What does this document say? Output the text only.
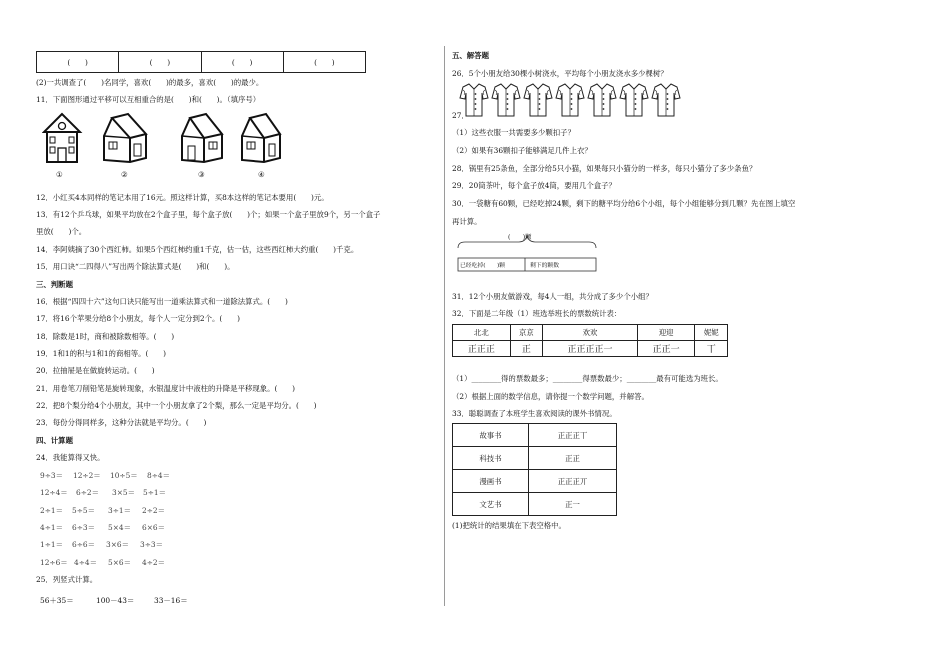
(　　)	(　　)	(　　)	(　　)
(2)一共调查了(　　)名同学，喜欢(　　)的最多，喜欢(　　)的最少。
11．下面图形通过平移可以互相重合的是(　　)和(　　)。（填序号）
①	②	③	④
12．小红买4本同样的笔记本用了16元。照这样计算，买8本这样的笔记本要用(　　)元。
13．有12个乒乓球，如果平均放在2个盒子里，每个盒子放(　　)个；如果一个盒子里放9个，另一个盒子
里放(　　)个。
14．李阿姨摘了30个西红柿。如果5个西红柿约重1千克，估一估，这些西红柿大约重(　　)千克。
15．用口诀“二四得八”写出两个除法算式是(　　)和(　　)。
三、判断题
16．根据“四四十六”这句口诀只能写出一道乘法算式和一道除法算式。(　　)
17．将16个苹果分给8个小朋友，每个人一定分到2个。(　　)
18．除数是1时，商和被除数相等。(　　)
19．1和1的积与1和1的商相等。(　　)
20．拉抽屉是在做旋转运动。(　　)
21．用卷笔刀削铅笔是旋转现象，水银温度计中液柱的升降是平移现象。(　　)
22．把8个梨分给4个小朋友，其中一个小朋友拿了2个梨，那么一定是平均分。(　　)
23．每份分得同样多，这种分法就是平均分。(　　)
四、计算题
24．我能算得又快。
9÷3＝ 12÷2＝ 10÷5＝ 8÷4＝
12÷4＝ 6÷2＝ 3×5＝ 5÷1＝
2÷1＝ 5÷5＝ 3÷1＝ 2÷2＝
4÷1＝ 6÷3＝ 5×4＝ 6×6＝
1÷1＝ 6÷6＝ 3×6＝ 3÷3＝
12÷6＝ 4÷4＝ 5×6＝ 4÷2＝
25．列竖式计算。
56＋35＝	100－43＝	33－16＝
五、解答题
26．5个小朋友给30棵小树浇水，平均每个小朋友浇水多少棵树？
27．
（1）这些衣服一共需要多少颗扣子？
（2）如果有36颗扣子能够满足几件上衣？
28．锅里有25条鱼，全部分给5只小猫，如果每只小猫分的一样多，每只小猫分了多少条鱼？
29．20筒茶叶，每个盒子放4筒，要用几个盒子？
30．一袋糖有60颗，已经吃掉24颗，剩下的糖平均分给6个小组，每个小组能够分到几颗？先在图上填空
再计算。
(　　)颗
已经吃掉(　　)颗	剩下的颗数
31．12个小朋友做游戏，每4人一组，共分成了多少个小组？
32．下面是二年级（1）班选举班长的票数统计表：
北北	京京	欢欢	迎迎	妮妮
正正正	正	正正正正一	正正一	丅
（1）________得的票数最多；________得票数最少；________最有可能选为班长。
（2）根据上面的数学信息，请你提一个数学问题，并解答。
33．聪聪调查了本班学生喜欢阅读的课外书情况。
故事书	正正正丅
科技书	正正
漫画书	正正正丌
文艺书	正一
(1)把统计的结果填在下表空格中。
